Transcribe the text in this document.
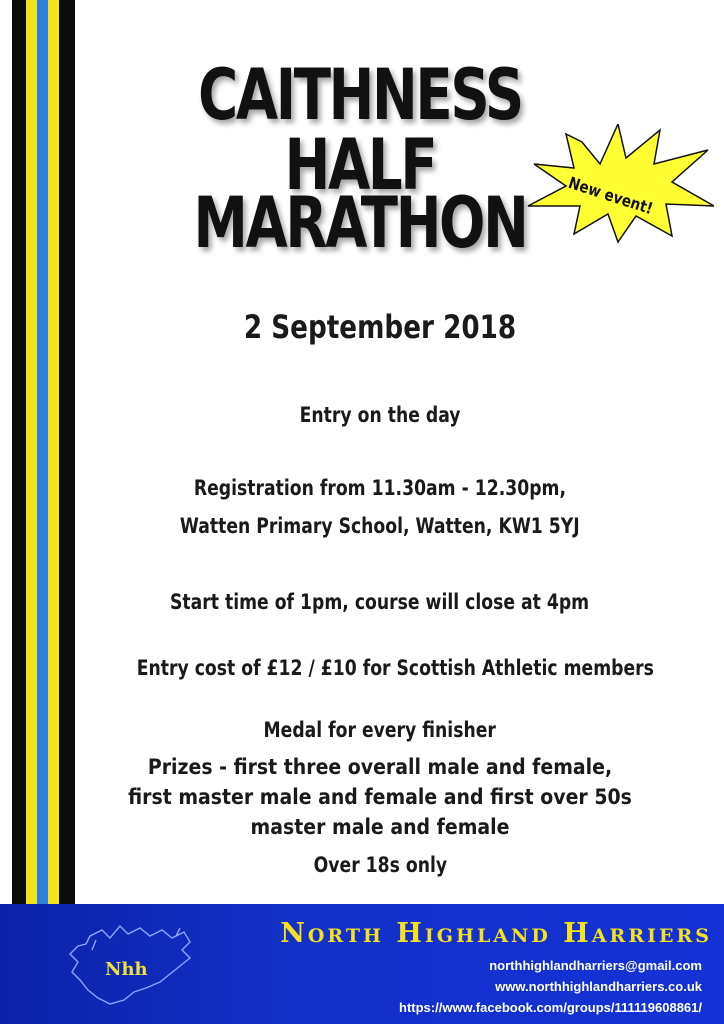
CAITHNESS HALF
MARATHON	New event!
2 September 2018
Entry on the day
Registration from 11.30am - 12.30pm,
Watten Primary School, Watten, KW1 5YJ
Start time of 1pm, course will close at 4pm
Entry cost of £12 / £10 for Scottish Athletic members
Medal for every finisher
Prizes - first three overall male and female, first master male and female and first over 50s master male and female
Over 18s only
Nhh
North Highland Harriers
northhighlandharriers@gmail.com
www.northhighlandharriers.co.uk
https://www.facebook.com/groups/111119608861/
